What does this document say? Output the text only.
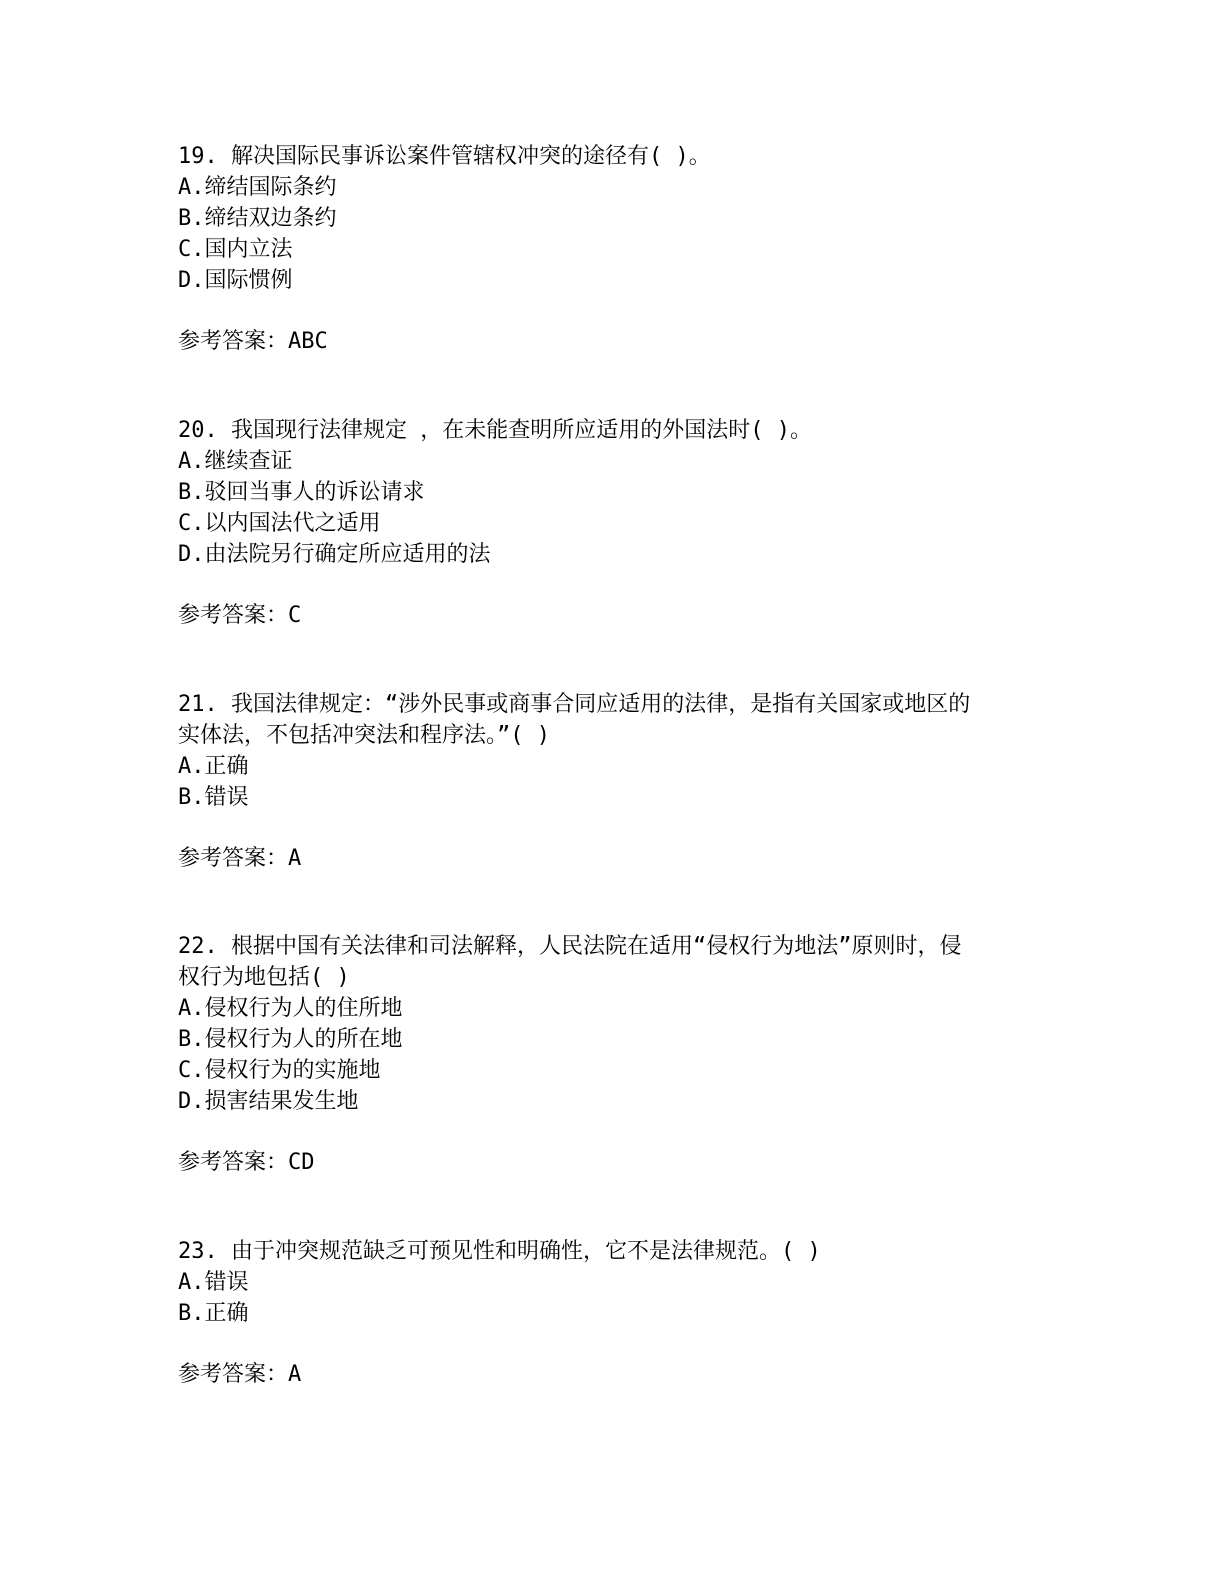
19. 解决国际民事诉讼案件管辖权冲突的途径有( )。
A.缔结国际条约
B.缔结双边条约
C.国内立法
D.国际惯例
参考答案：ABC
20. 我国现行法律规定 ，在未能查明所应适用的外国法时( )。
A.继续查证
B.驳回当事人的诉讼请求
C.以内国法代之适用
D.由法院另行确定所应适用的法
参考答案：C
21. 我国法律规定：“涉外民事或商事合同应适用的法律，是指有关国家或地区的
实体法，不包括冲突法和程序法。”( )
A.正确
B.错误
参考答案：A
22. 根据中国有关法律和司法解释，人民法院在适用“侵权行为地法”原则时，侵
权行为地包括( )
A.侵权行为人的住所地
B.侵权行为人的所在地
C.侵权行为的实施地
D.损害结果发生地
参考答案：CD
23. 由于冲突规范缺乏可预见性和明确性，它不是法律规范。( )
A.错误
B.正确
参考答案：A
